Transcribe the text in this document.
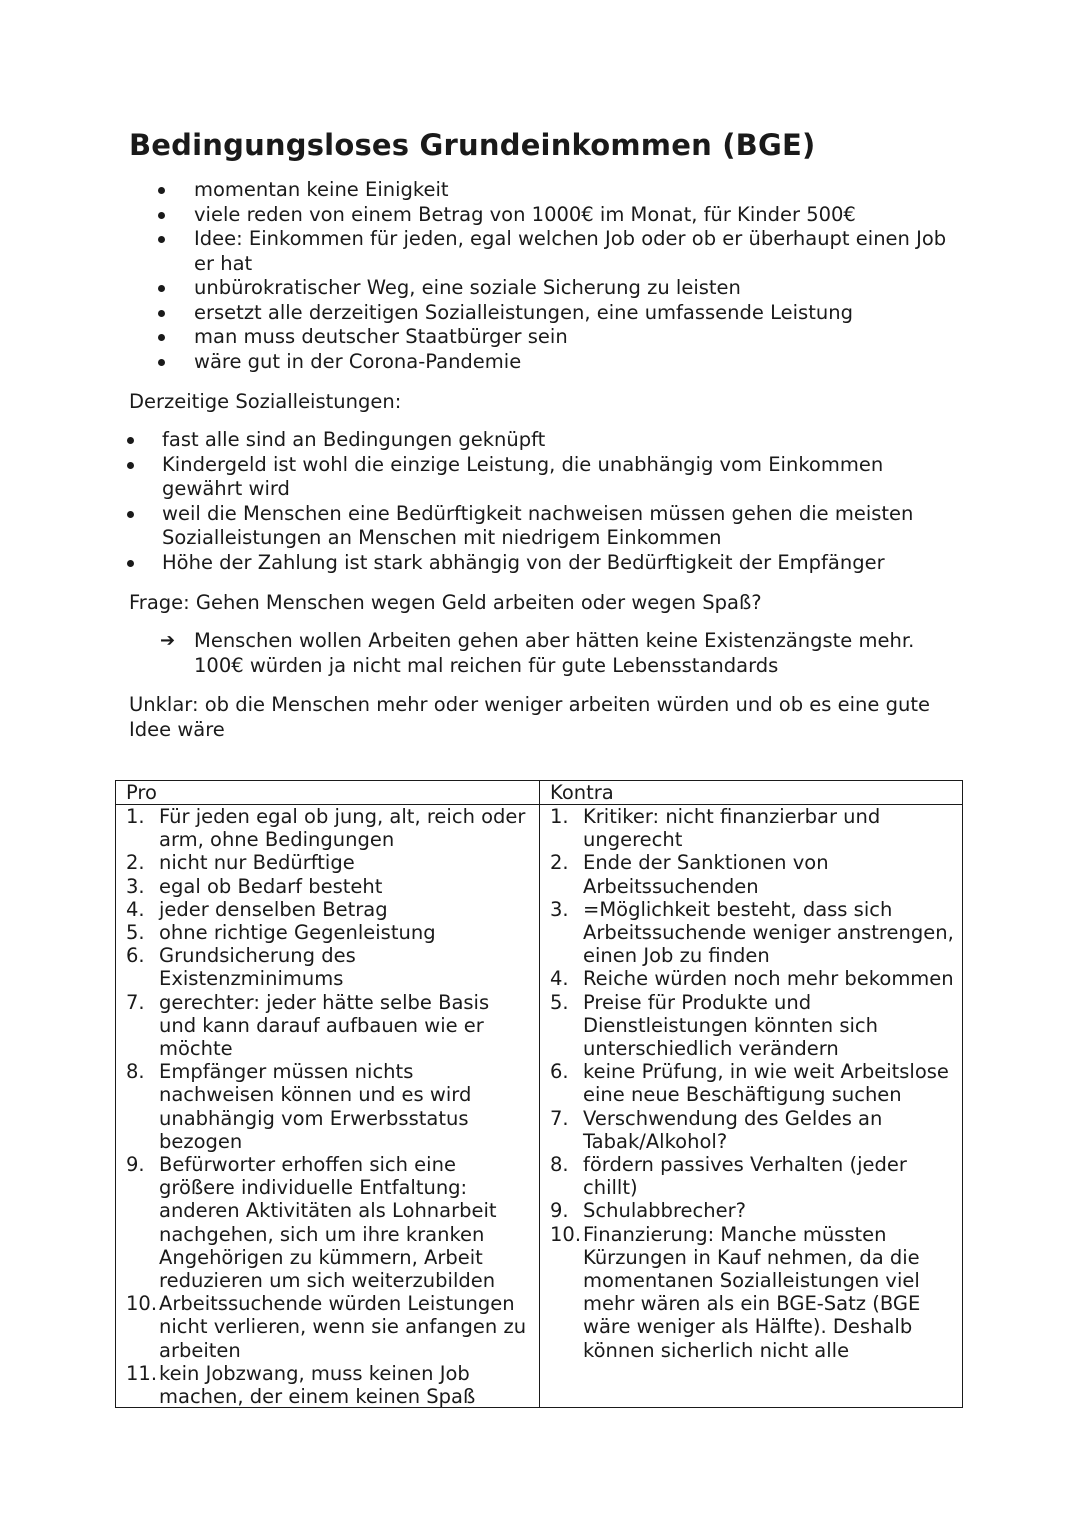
Bedingungsloses Grundeinkommen (BGE)
momentan keine Einigkeit
viele reden von einem Betrag von 1000€ im Monat, für Kinder 500€
Idee: Einkommen für jeden, egal welchen Job oder ob er überhaupt einen Job er hat
unbürokratischer Weg, eine soziale Sicherung zu leisten
ersetzt alle derzeitigen Sozialleistungen, eine umfassende Leistung
man muss deutscher Staatbürger sein
wäre gut in der Corona-Pandemie

Derzeitige Sozialleistungen:

fast alle sind an Bedingungen geknüpft
Kindergeld ist wohl die einzige Leistung, die unabhängig vom Einkommen gewährt wird
weil die Menschen eine Bedürftigkeit nachweisen müssen gehen die meisten Sozialleistungen an Menschen mit niedrigem Einkommen
Höhe der Zahlung ist stark abhängig von der Bedürftigkeit der Empfänger

Frage: Gehen Menschen wegen Geld arbeiten oder wegen Spaß?

➔ Menschen wollen Arbeiten gehen aber hätten keine Existenzängste mehr. 100€ würden ja nicht mal reichen für gute Lebensstandards

Unklar: ob die Menschen mehr oder weniger arbeiten würden und ob es eine gute Idee wäre

Pro	Kontra
1. Für jeden egal ob jung, alt, reich oder arm, ohne Bedingungen
2. nicht nur Bedürftige
3. egal ob Bedarf besteht
4. jeder denselben Betrag
5. ohne richtige Gegenleistung
6. Grundsicherung des Existenzminimums
7. gerechter: jeder hätte selbe Basis und kann darauf aufbauen wie er möchte
8. Empfänger müssen nichts nachweisen können und es wird unabhängig vom Erwerbsstatus bezogen
9. Befürworter erhoffen sich eine größere individuelle Entfaltung: anderen Aktivitäten als Lohnarbeit nachgehen, sich um ihre kranken Angehörigen zu kümmern, Arbeit reduzieren um sich weiterzubilden
10. Arbeitssuchende würden Leistungen nicht verlieren, wenn sie anfangen zu arbeiten
11. kein Jobzwang, muss keinen Job machen, der einem keinen Spaß
1. Kritiker: nicht finanzierbar und ungerecht
2. Ende der Sanktionen von Arbeitssuchenden
3. =Möglichkeit besteht, dass sich Arbeitssuchende weniger anstrengen, einen Job zu finden
4. Reiche würden noch mehr bekommen
5. Preise für Produkte und Dienstleistungen könnten sich unterschiedlich verändern
6. keine Prüfung, in wie weit Arbeitslose eine neue Beschäftigung suchen
7. Verschwendung des Geldes an Tabak/Alkohol?
8. fördern passives Verhalten (jeder chillt)
9. Schulabbrecher?
10. Finanzierung: Manche müssten Kürzungen in Kauf nehmen, da die momentanen Sozialleistungen viel mehr wären als ein BGE-Satz (BGE wäre weniger als Hälfte). Deshalb können sicherlich nicht alle
